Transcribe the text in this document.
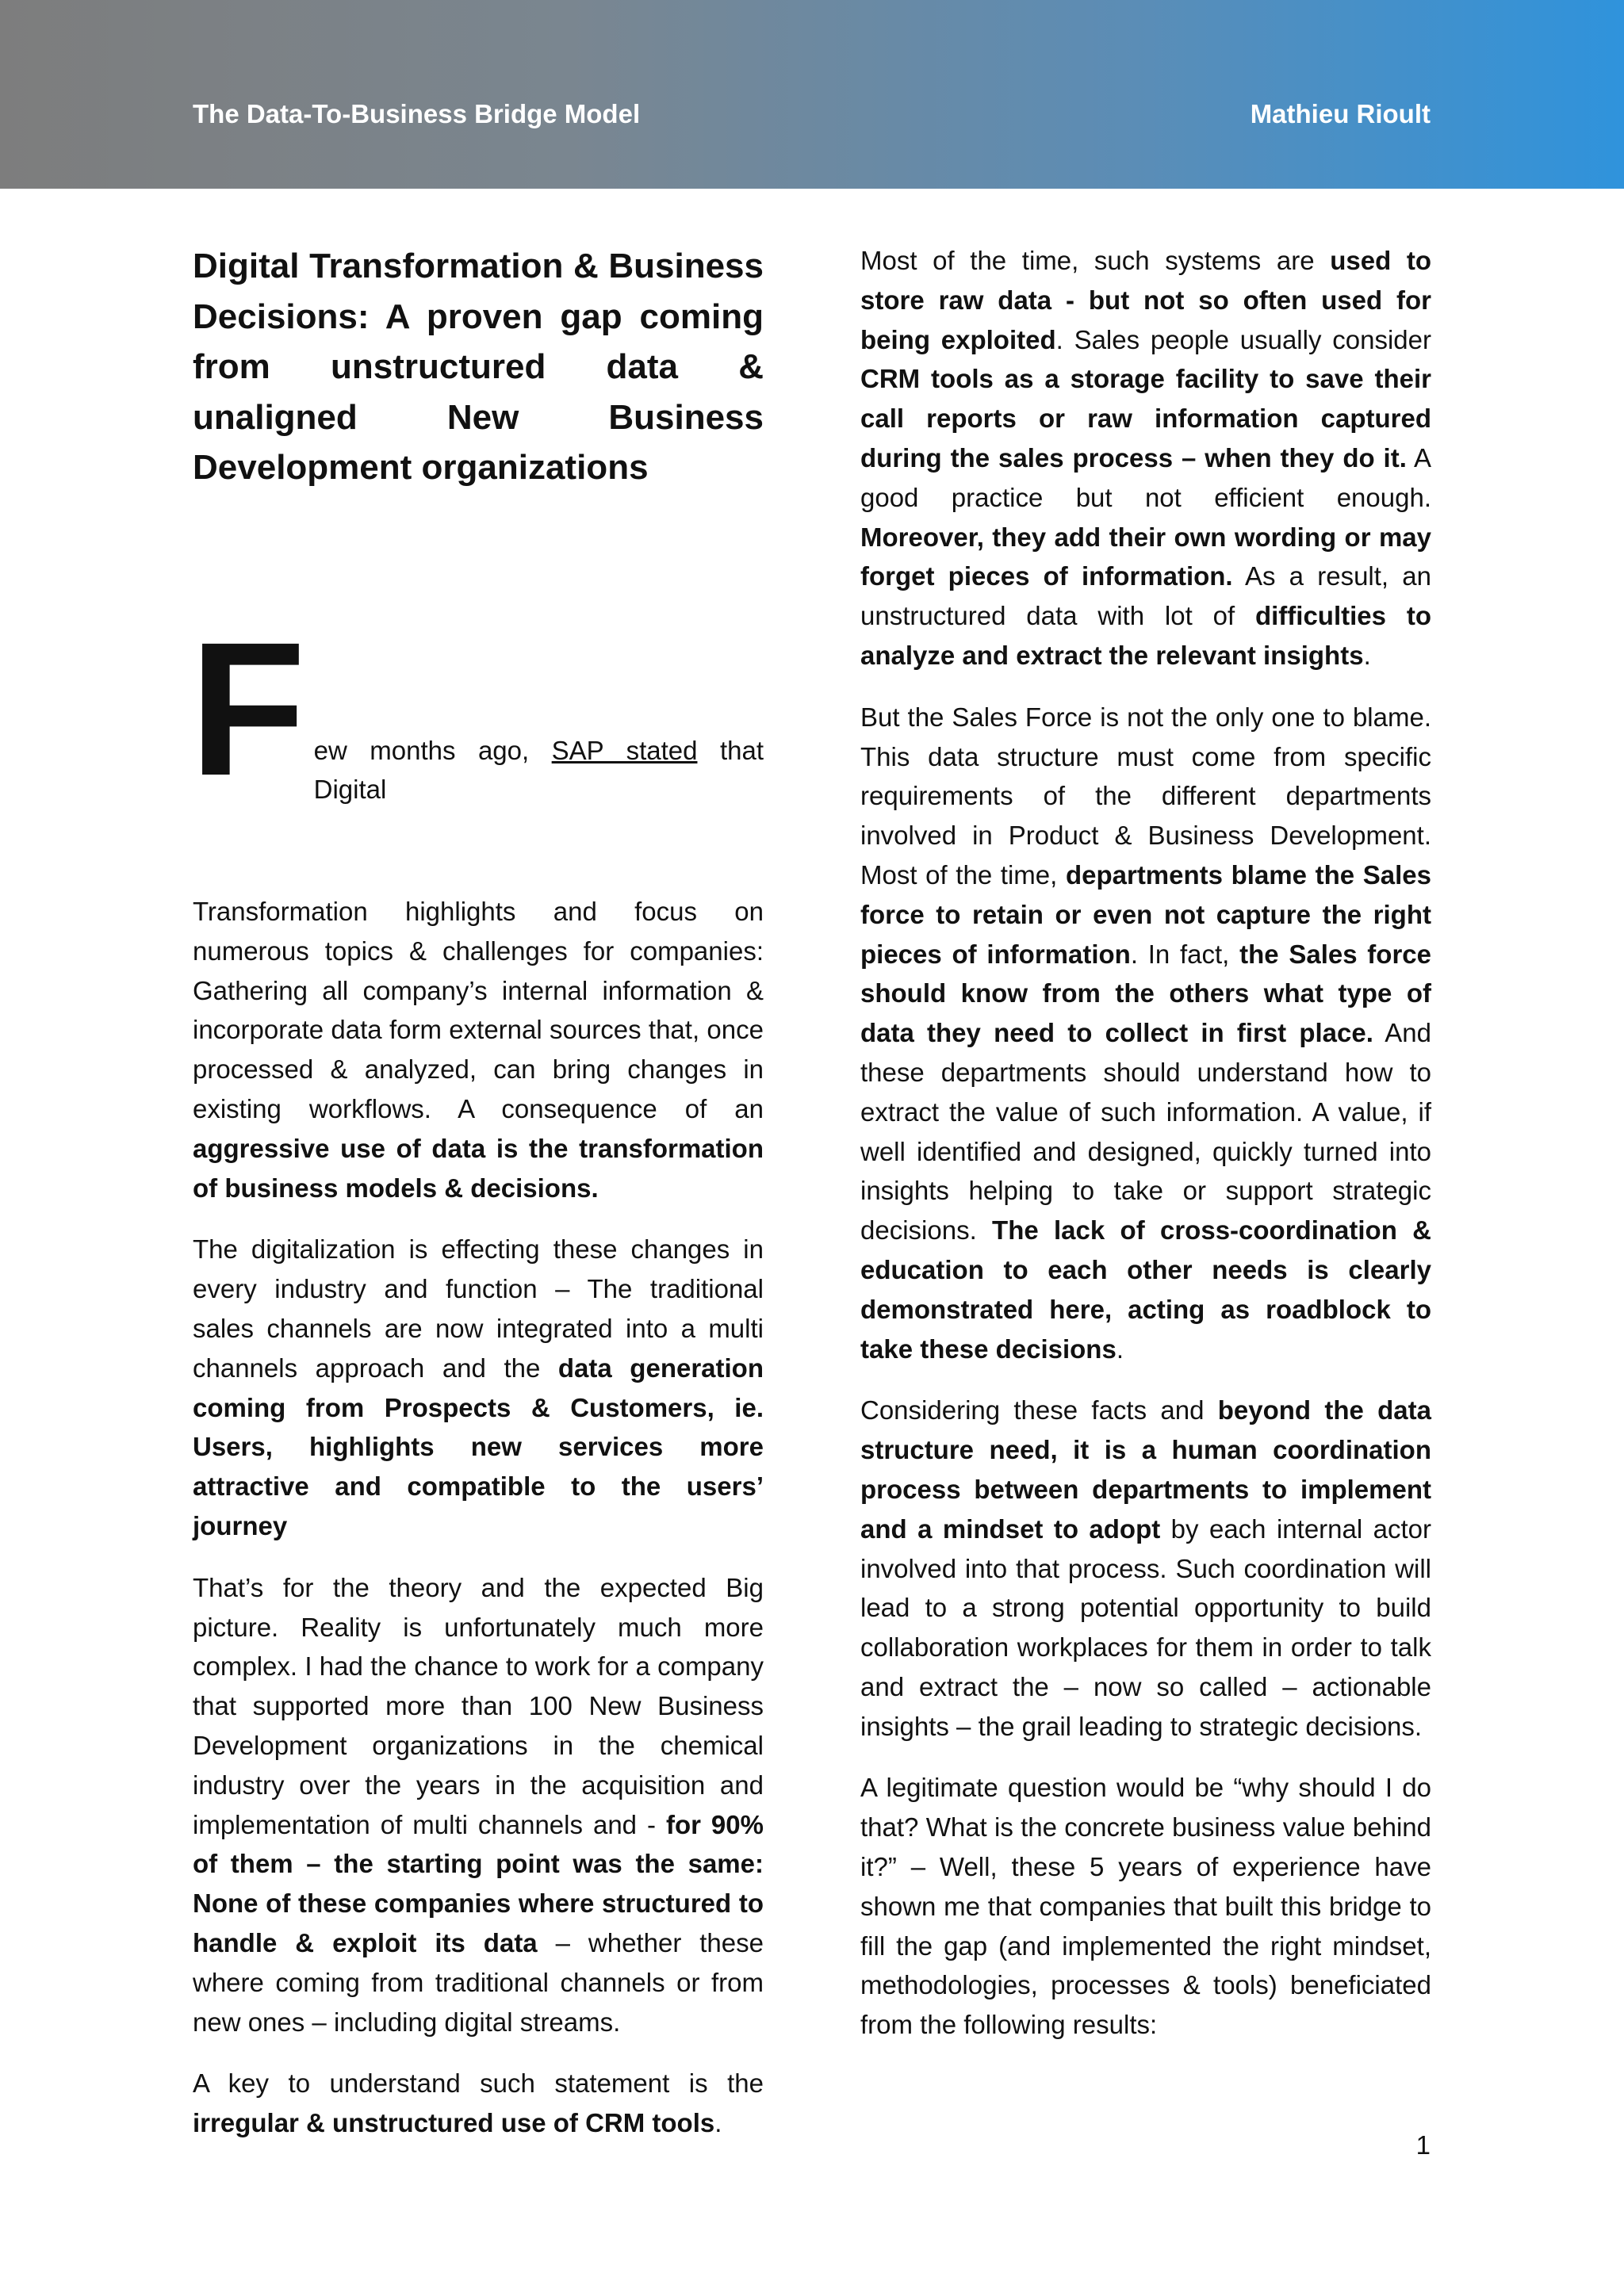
The Data-To-Business Bridge Model	Mathieu Rioult
Digital Transformation & Business Decisions: A proven gap coming from unstructured data & unaligned New Business Development organizations

F ew months ago, SAP stated that Digital

Transformation highlights and focus on numerous topics & challenges for companies: Gathering all company’s internal information & incorporate data form external sources that, once processed & analyzed, can bring changes in existing workflows. A consequence of an aggressive use of data is the transformation of business models & decisions.

The digitalization is effecting these changes in every industry and function – The traditional sales channels are now integrated into a multi channels approach and the data generation coming from Prospects & Customers, ie. Users, highlights new services more attractive and compatible to the users’ journey

That’s for the theory and the expected Big picture. Reality is unfortunately much more complex. I had the chance to work for a company that supported more than 100 New Business Development organizations in the chemical industry over the years in the acquisition and implementation of multi channels and - for 90% of them – the starting point was the same: None of these companies where structured to handle & exploit its data – whether these where coming from traditional channels or from new ones – including digital streams.

A key to understand such statement is the irregular & unstructured use of CRM tools.

Most of the time, such systems are used to store raw data - but not so often used for being exploited. Sales people usually consider CRM tools as a storage facility to save their call reports or raw information captured during the sales process – when they do it. A good practice but not efficient enough. Moreover, they add their own wording or may forget pieces of information. As a result, an unstructured data with lot of difficulties to analyze and extract the relevant insights.

But the Sales Force is not the only one to blame. This data structure must come from specific requirements of the different departments involved in Product & Business Development. Most of the time, departments blame the Sales force to retain or even not capture the right pieces of information. In fact, the Sales force should know from the others what type of data they need to collect in first place. And these departments should understand how to extract the value of such information. A value, if well identified and designed, quickly turned into insights helping to take or support strategic decisions. The lack of cross-coordination & education to each other needs is clearly demonstrated here, acting as roadblock to take these decisions.

Considering these facts and beyond the data structure need, it is a human coordination process between departments to implement and a mindset to adopt by each internal actor involved into that process. Such coordination will lead to a strong potential opportunity to build collaboration workplaces for them in order to talk and extract the – now so called – actionable insights – the grail leading to strategic decisions.

A legitimate question would be “why should I do that? What is the concrete business value behind it?” – Well, these 5 years of experience have shown me that companies that built this bridge to fill the gap (and implemented the right mindset, methodologies, processes & tools) beneficiated from the following results:

1
